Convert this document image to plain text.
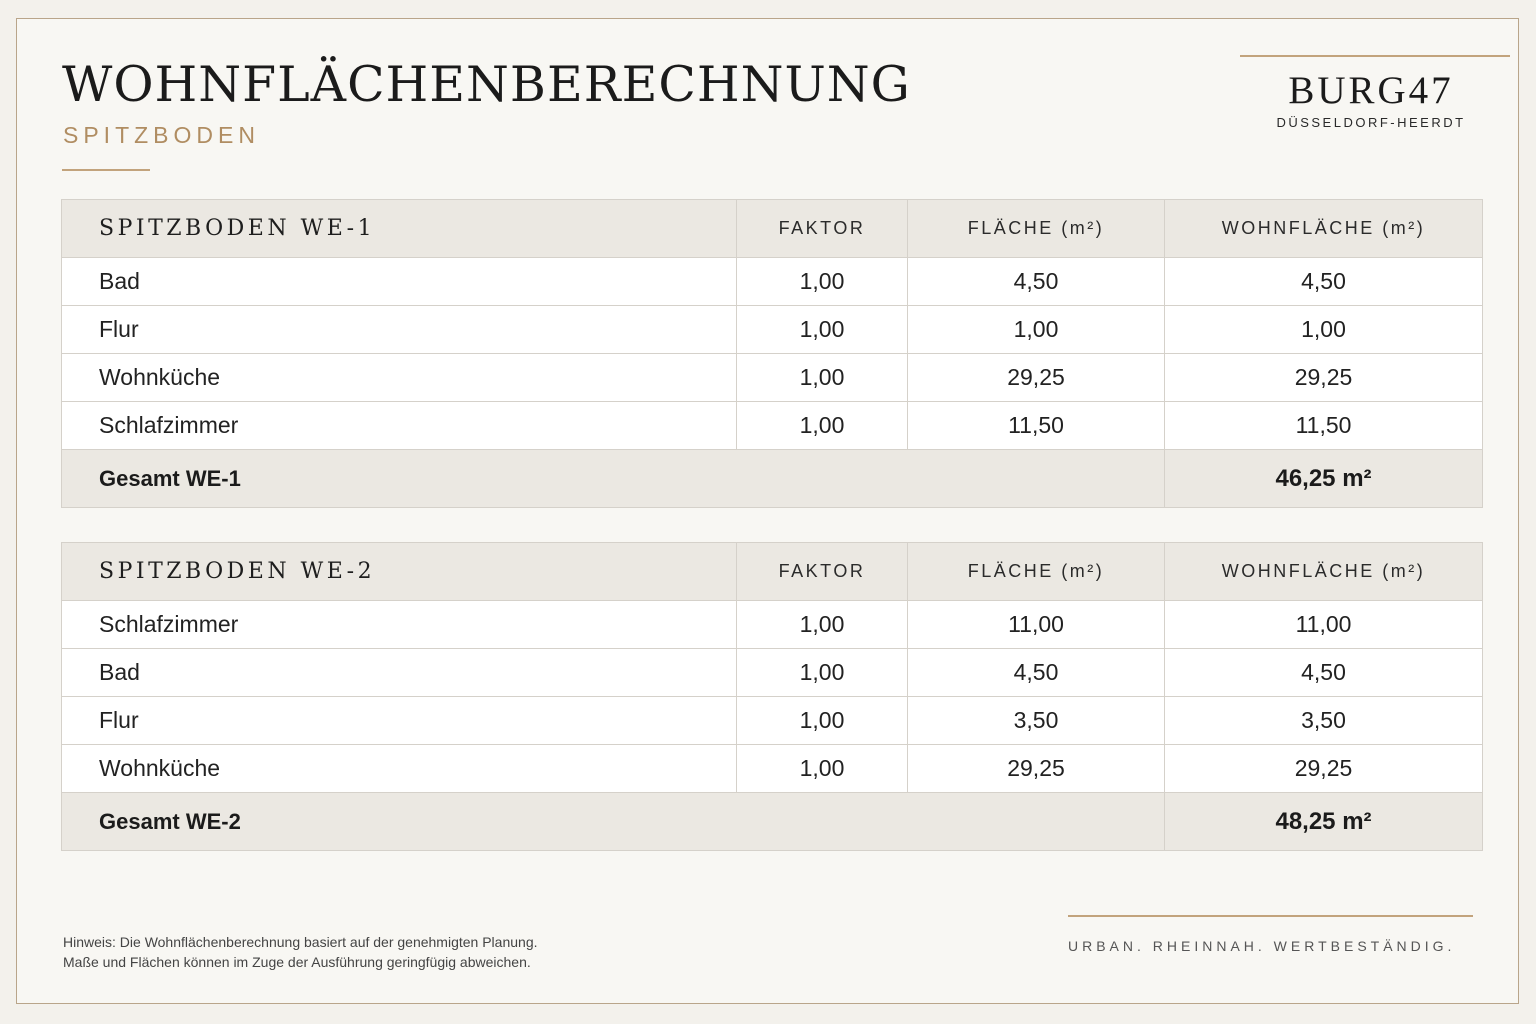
WOHNFLÄCHENBERECHNUNG
SPITZBODEN
BURG47
DÜSSELDORF-HEERDT
SPITZBODEN WE-1	FAKTOR	FLÄCHE (m²)	WOHNFLÄCHE (m²)
Bad	1,00	4,50	4,50
Flur	1,00	1,00	1,00
Wohnküche	1,00	29,25	29,25
Schlafzimmer	1,00	11,50	11,50
Gesamt WE-1			46,25 m²
SPITZBODEN WE-2	FAKTOR	FLÄCHE (m²)	WOHNFLÄCHE (m²)
Schlafzimmer	1,00	11,00	11,00
Bad	1,00	4,50	4,50
Flur	1,00	3,50	3,50
Wohnküche	1,00	29,25	29,25
Gesamt WE-2			48,25 m²
Hinweis: Die Wohnflächenberechnung basiert auf der genehmigten Planung.
Maße und Flächen können im Zuge der Ausführung geringfügig abweichen.
URBAN. RHEINNAH. WERTBESTÄNDIG.
